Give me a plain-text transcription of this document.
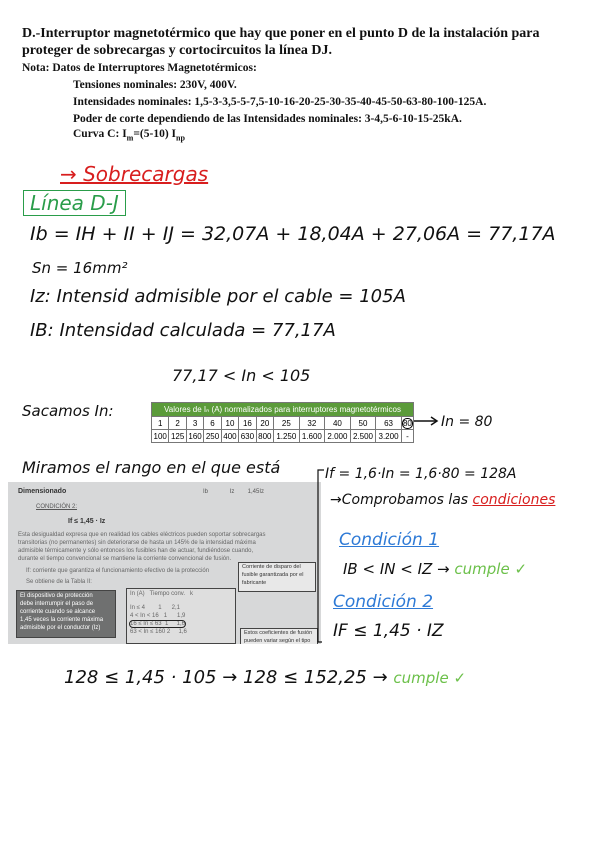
D.-Interruptor magnetotérmico que hay que poner en el punto D de la instalación para
proteger de sobrecargas y cortocircuitos la línea DJ.
Nota: Datos de Interruptores Magnetotérmicos:
Tensiones nominales: 230V, 400V.
Intensidades nominales: 1,5-3-3,5-5-7,5-10-16-20-25-30-35-40-45-50-63-80-100-125A.
Poder de corte dependiendo de las Intensidades nominales: 3-4,5-6-10-15-25kA.
Curva C: $I_m=(5-10)$ $I_{np}$
→ Sobrecargas
Línea D-J
Ib = IH + II + IJ = 32,07A + 18,04A + 27,06A = 77,17A
Sn = 16mm²
Iz: Intensid admisible por el cable = 105A
IB: Intensidad calculada = 77,17A
77,17 < In < 105
Sacamos In:	Valores de Iₙ (A) normalizados para interruptores magnetotérmicos												
1	2	3	6	10	16	20	25	32	40	50	63	80
100	125	160	250	400	630	800	1.250	1.600	2.000	2.500	3.200	-
In = 80
Miramos el rango en el que está
Dimensionado	Ib             Iz        1,45Iz
CONDICIÓN 2:
If ≤ 1,45 · Iz
Esta desigualdad expresa que en realidad los cables eléctricos pueden soportar sobrecargas
transitorias (no permanentes) sin deteriorarse de hasta un 145% de la intensidad máxima
admisible térmicamente y sólo entonces los fusibles han de actuar, fundiéndose cuando,
durante el tiempo convencional se mantiene la corriente convencional de fusión.
If: corriente que garantiza el funcionamiento efectivo de la protección
Se obtiene de la Tabla II:
Corriente de disparo del
fusible garantizada por el
fabricante
El dispositivo de protección
debe interrumpir el paso de
corriente cuando se alcance
1,45 veces la corriente máxima
admisible por el conductor (Iz)
In (A)   Tiempo conv.   k
In ≤ 4        1      2,1
4 < In < 16   1      1,9
16 ≤ In ≤ 63  1     1,6
63 < In ≤ 160 2     1,6	Estos coeficientes de fusión
pueden variar según el tipo
If = 1,6·In = 1,6·80 = 128A
→Comprobamos las condiciones
Condición 1
IB < IN < IZ → cumple ✓
Condición 2
IF ≤ 1,45 · IZ
128 ≤ 1,45 · 105 → 128 ≤ 152,25 → cumple ✓
